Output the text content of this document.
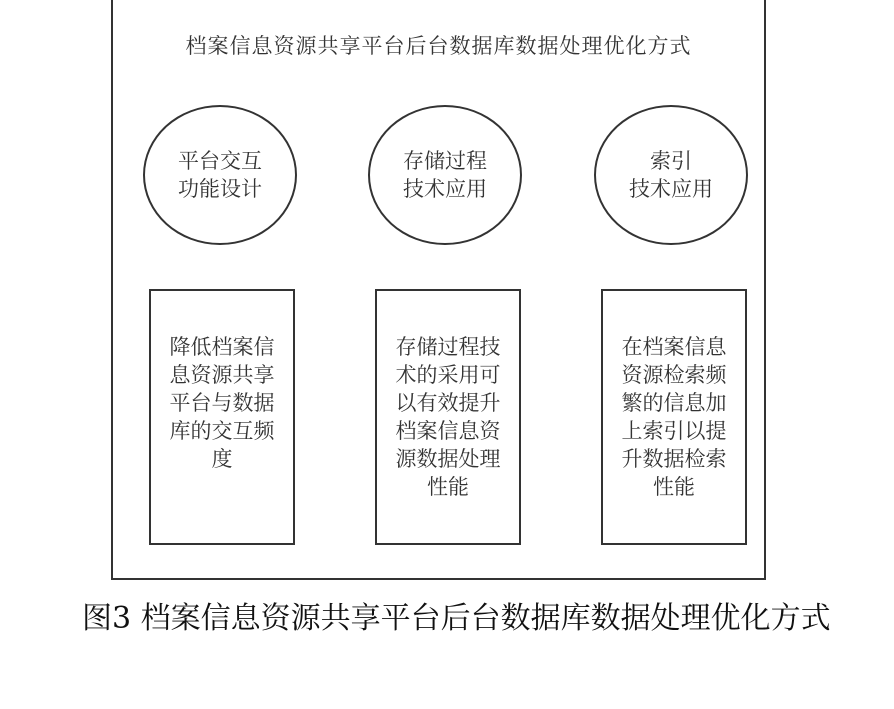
档案信息资源共享平台后台数据库数据处理优化方式
平台交互
功能设计
存储过程
技术应用
索引
技术应用
降低档案信息资源共享平台与数据库的交互频度
存储过程技术的采用可以有效提升档案信息资源数据处理性能
在档案信息资源检索频繁的信息加上索引以提升数据检索性能
图3 档案信息资源共享平台后台数据库数据处理优化方式
